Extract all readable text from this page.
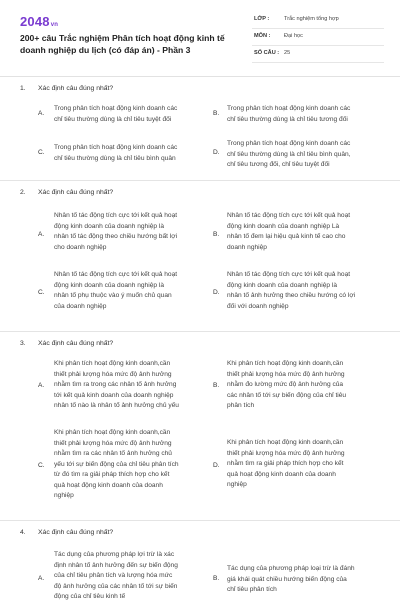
2048vn
200+ câu Trắc nghiệm Phân tích hoạt động kinh tế doanh nghiệp du lịch (có đáp án) - Phần 3
LỚP :	Trắc nghiệm tổng hợp
MÔN : Đại học
SỐ CÂU : 25
1. Xác định câu đúng nhất?
A.
Trong phân tích hoạt động kinh doanh các
chỉ tiêu thường dùng là chỉ tiêu tuyệt đối
B.
Trong phân tích hoạt động kinh doanh các
chỉ tiêu thường dùng là chỉ tiêu tương đối
C.
Trong phân tích hoạt động kinh doanh các
chỉ tiêu thường dùng là chỉ tiêu bình quân
D.
Trong phân tích hoạt động kinh doanh các
chỉ tiêu thường dùng là chỉ tiêu bình quân,
chỉ tiêu tương đối, chỉ tiêu tuyệt đối
2. Xác định câu đúng nhất?
A.
Nhân tố tác động tích cực tới kết quả hoạt
động kinh doanh của doanh nghiệp là
nhân tố tác động theo chiều hướng bất lợi
cho doanh nghiệp
B.
Nhân tố tác động tích cực tới kết quả hoạt
động kinh doanh của doanh nghiệp Là
nhân tố đem lại hiệu quả kinh tế cao cho
doanh nghiệp
C.
Nhân tố tác động tích cực tới kết quả hoạt
động kinh doanh của doanh nghiệp là
nhân tố phụ thuộc vào ý muốn chủ quan
của doanh nghiệp
D.
Nhân tố tác động tích cực tới kết quả hoạt
động kinh doanh của doanh nghiệp là
nhân tố ảnh hưởng theo chiều hướng có lợi
đối với doanh nghiệp
3. Xác định câu đúng nhất?
A.
Khi phân tích hoạt động kinh doanh,cần
thiết phải lượng hóa mức độ ảnh hưởng
nhằm tìm ra trong các nhân tố ảnh hưởng
tới kết quả kinh doanh của doanh nghiệp
nhân tố nào là nhân tố ảnh hưởng chủ yếu
B.
Khi phân tích hoạt động kinh doanh,cần
thiết phải lượng hóa mức độ ảnh hưởng
nhằm đo lường mức độ ảnh hưởng của
các nhân tố tới sự biến động của chỉ tiêu
phân tích
C.
Khi phân tích hoạt động kinh doanh,cần
thiết phải lượng hóa mức độ ảnh hưởng
nhằm tìm ra các nhân tố ảnh hưởng chủ
yếu tới sự biến động của chỉ tiêu phân tích
từ đó tìm ra giải pháp thích hợp cho kết
quả hoạt động kinh doanh của doanh
nghiệp
D.
Khi phân tích hoạt động kinh doanh,cần
thiết phải lượng hóa mức độ ảnh hưởng
nhằm tìm ra giải pháp thích hợp cho kết
quả hoạt động kinh doanh của doanh
nghiệp
4. Xác định câu đúng nhất?
A.
Tác dụng của phương pháp lợi trừ là xác
định nhân tố ảnh hưởng đến sự biến động
của chỉ tiêu phân tích và lượng hóa mức
độ ảnh hưởng của các nhân tố tới sự biến
động của chỉ tiêu kinh tế
B.
Tác dụng của phương pháp loại trừ là đánh
giá khái quát chiều hướng biến động của
chỉ tiêu phân tích
